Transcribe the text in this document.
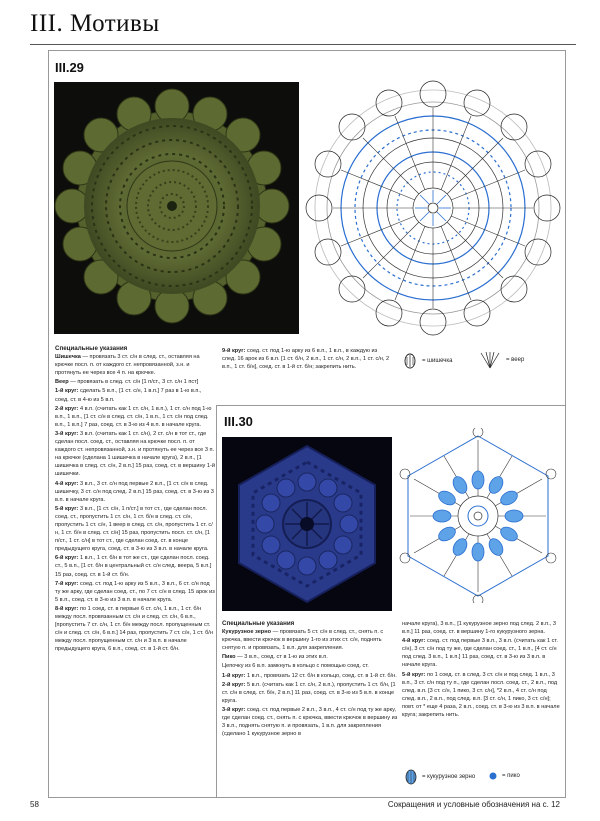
III. Мотивы
III.29
Специальные указания

Шишечка — провязать 3 ст. с/н в след. ст., оставляя на крючке посл. п. от каждого ст. непровязанной, з.н. и протянуть ее через все 4 п. на крючке.

Веер — провязать в след. ст. с/н [1 п/ст., 3 ст. с/н 1 пст]

1-й круг: сделать 5 в.п., [1 ст. с/н, 1 в.п.] 7 раз в 1-ю в.п., соед. ст. в 4-ю из 5 в.п.

2-й круг: 4 в.п. (считать как 1 ст. с/н, 1 в.п.), 1 ст. с/н под 1-ю в.п., 1 в.п., [1 ст. с/н в след. ст. с/н, 1 в.п., 1 ст. с/н под след. в.п., 1 в.п.] 7 раз, соед. ст. в 3-ю из 4 в.п. в начале круга.

3-й круг: 3 в.п. (считать как 1 ст. с/н), 2 ст. с/н в тот ст., где сделан посл. соед. ст., оставляя на крючке посл. п. от каждого ст. непровязанной, з.н. и протянуть ее через все 3 п. на крючке (сделана 1 шишечка в начале круга), 2 в.п., [1 шишечка в след. ст. с/н, 2 в.п.] 15 раз, соед. ст. в вершину 1-й шишечки.

4-й круг: 3 в.п., 3 ст. с/н под первые 2 в.п., [1 ст. с/н в след. шишечку, 3 ст. с/н под след. 2 в.п.] 15 раз, соед. ст. в 3-ю из 3 в.п. в начале круга.

5-й круг: 3 в.п., [1 ст. с/н, 1 п/ст.] в тот ст., где сделан посл. соед. ст., пропустить 1 ст. с/н, 1 ст. б/н в след. ст. с/н, пропустить 1 ст. с/н, 1 веер в след. ст. с/н, пропустить 1 ст. с/н, 1 ст. б/н в след. ст. с/н] 15 раз, пропустить посл. ст. с/н, [1 п/ст., 1 ст. с/н] в тот ст., где сделан соед. ст. в конце предыдущего круга, соед. ст. в 3-ю из 3 в.п. в начале круга.

6-й круг: 1 в.п., 1 ст. б/н в тот же ст., где сделан посл. соед. ст., 5 в.п., [1 ст. б/н в центральный ст. с/н след. веера, 5 в.п.] 15 раз, соед. ст. в 1-й ст. б/н.

7-й круг: соед. ст. под 1-ю арку из 5 в.п., 3 в.п., 6 ст. с/н под ту же арку, где сделан соед. ст., по 7 ст. с/н в след. 15 арок из 5 в.п., соед. ст. в 3-ю из 3 в.п. в начале круга.

8-й круг: по 1 соед. ст. в первые 6 ст. с/н, 1 в.п., 1 ст. б/н между посл. провязанным ст. с/н и след. ст. с/н, 6 в.п., [пропустить 7 ст. с/н, 1 ст. б/н между посл. пропущенным ст. с/н и след. ст. с/н, 6 в.п.] 14 раз, пропустить 7 ст. с/н, 1 ст. б/н между посл. пропущенным ст. с/н и 3 в.п. в начале предыдущего круга, 6 в.п., соед. ст. в 1-й ст. б/н.

9-й круг: соед. ст. под 1-ю арку из 6 в.п., 1 в.п., в каждую из след. 16 арок из 6 в.п. [1 ст. б/н, 2 в.п., 1 ст. с/н, 2 в.п., 1 ст. с/н, 2 в.п., 1 ст. б/н], соед. ст. в 1-й ст. б/н; закрепить нить.

= шишечка	= веер
III.30
Специальные указания

Кукурузное зерно — провязать 5 ст. с/н в след. ст., снять п. с крючка, ввести крючок в вершину 1-го из этих ст. с/н, поднять снятую п. и провязать, 1 в.п. для закрепления.

Пико — 3 в.п., соед. ст в 1-ю из этих в.п.

Цепочку из 6 в.п. замкнуть в кольцо с помощью соед. ст.

1-й круг: 1 в.п., провязать 12 ст. б/н в кольцо, соед. ст. в 1-й ст. б/н.

2-й круг: 5 в.п. (считать как 1 ст. с/н, 2 в.п.), пропустить 1 ст. б/н, [1 ст. с/н в след. ст. б/н, 2 в.п.] 11 раз, соед. ст. в 3-ю из 5 в.п. в конце круга.

3-й круг: соед. ст. под первые 2 в.п., 3 в.п., 4 ст. с/н под ту же арку, где сделан соед. ст., снять п. с крючка, ввести крючок в вершину из 3 в.п., поднять снятую п. и провязать, 1 в.п. для закрепления (сделано 1 кукурузное зерно в

начале круга), 3 в.п., [1 кукурузное зерно под след. 2 в.п., 3 в.п.] 11 раз, соед. ст. в вершину 1-го кукурузного зерна.

4-й круг: соед. ст. под первые 3 в.п., 3 в.п. (считать как 1 ст. с/н), 3 ст. с/н под ту же, где сделан соед. ст., 1 в.п., [4 ст. с/н под след. 3 в.п., 1 в.п.] 11 раз, соед. ст. в 3-ю из 3 в.п. в начале круга.

5-й круг: по 1 соед. ст. в след. 3 ст. с/н и под след. 1 в.п., 3 в.п., 3 ст. с/н под ту п., где сделан посл. соед. ст., 2 в.п., под след. в.п. [3 ст. с/н, 1 пико, 3 ст. с/н], *2 в.п., 4 ст. с/н под след. в.п., 2 в.п., под след. в.п. [3 ст. с/н, 1 пико, 3 ст. с/н]; повт. от * еще 4 раза, 2 в.п., соед. ст. в 3-ю из 3 в.п. в начале круга; закрепить нить.

= кукурузное зерно	= пико
58	Сокращения и условные обозначения на с. 12
